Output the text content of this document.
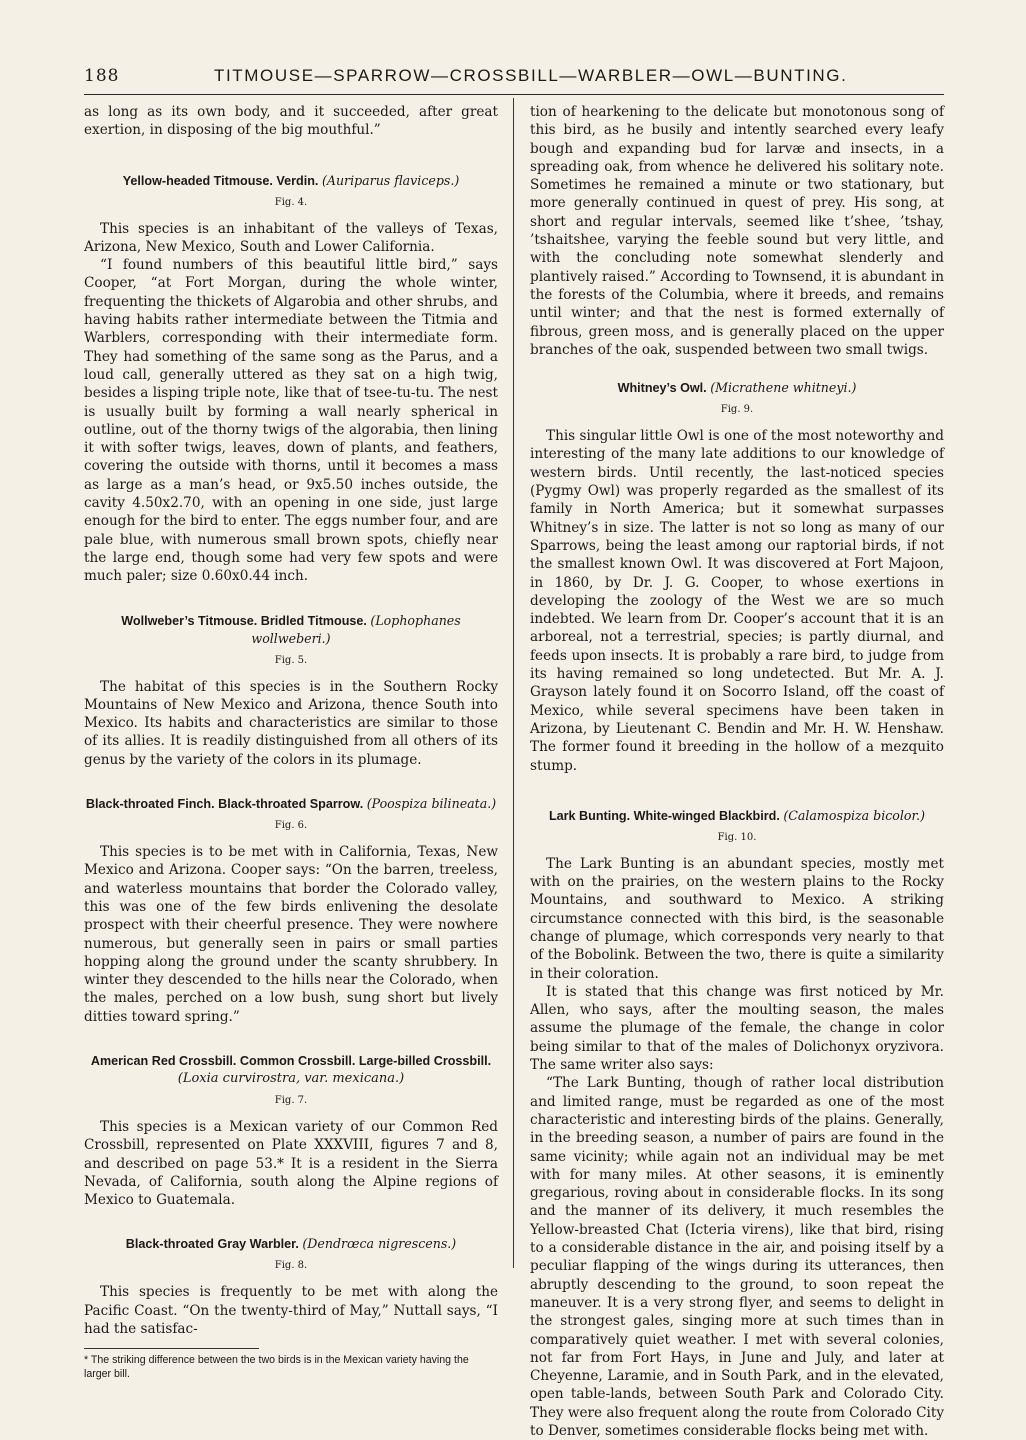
188	TITMOUSE—SPARROW—CROSSBILL—WARBLER—OWL—BUNTING.

as long as its own body, and it succeeded, after great exertion, in disposing of the big mouthful.”

Yellow-headed Titmouse. Verdin. (Auriparus flaviceps.)
Fig. 4.

This species is an inhabitant of the valleys of Texas, Arizona, New Mexico, South and Lower California.

“I found numbers of this beautiful little bird,” says Cooper, “at Fort Morgan, during the whole winter, frequenting the thickets of Algarobia and other shrubs, and having habits rather intermediate between the Titmia and Warblers, corresponding with their intermediate form. They had something of the same song as the Parus, and a loud call, generally uttered as they sat on a high twig, besides a lisping triple note, like that of tsee-tu-tu. The nest is usually built by forming a wall nearly spherical in outline, out of the thorny twigs of the algorabia, then lining it with softer twigs, leaves, down of plants, and feathers, covering the outside with thorns, until it becomes a mass as large as a man’s head, or 9x5.50 inches outside, the cavity 4.50x2.70, with an opening in one side, just large enough for the bird to enter. The eggs number four, and are pale blue, with numerous small brown spots, chiefly near the large end, though some had very few spots and were much paler; size 0.60x0.44 inch.

Wollweber’s Titmouse. Bridled Titmouse. (Lophophanes wollweberi.)
Fig. 5.

The habitat of this species is in the Southern Rocky Mountains of New Mexico and Arizona, thence South into Mexico. Its habits and characteristics are similar to those of its allies. It is readily distinguished from all others of its genus by the variety of the colors in its plumage.

Black-throated Finch. Black-throated Sparrow. (Poospiza bilineata.)
Fig. 6.

This species is to be met with in California, Texas, New Mexico and Arizona. Cooper says: “On the barren, treeless, and waterless mountains that border the Colorado valley, this was one of the few birds enlivening the desolate prospect with their cheerful presence. They were nowhere numerous, but generally seen in pairs or small parties hopping along the ground under the scanty shrubbery. In winter they descended to the hills near the Colorado, when the males, perched on a low bush, sung short but lively ditties toward spring.”

American Red Crossbill. Common Crossbill. Large-billed Crossbill.
(Loxia curvirostra, var. mexicana.)
Fig. 7.

This species is a Mexican variety of our Common Red Crossbill, represented on Plate XXXVIII, figures 7 and 8, and described on page 53.* It is a resident in the Sierra Nevada, of California, south along the Alpine regions of Mexico to Guatemala.

Black-throated Gray Warbler. (Dendrœca nigrescens.)
Fig. 8.

This species is frequently to be met with along the Pacific Coast. “On the twenty-third of May,” Nuttall says, “I had the satisfac-

* The striking difference between the two birds is in the Mexican variety having the larger bill.

tion of hearkening to the delicate but monotonous song of this bird, as he busily and intently searched every leafy bough and expanding bud for larvæ and insects, in a spreading oak, from whence he delivered his solitary note. Sometimes he remained a minute or two stationary, but more generally continued in quest of prey. His song, at short and regular intervals, seemed like t’shee, ’tshay, ’tshaitshee, varying the feeble sound but very little, and with the concluding note somewhat slenderly and plantively raised.” According to Townsend, it is abundant in the forests of the Columbia, where it breeds, and remains until winter; and that the nest is formed externally of fibrous, green moss, and is generally placed on the upper branches of the oak, suspended between two small twigs.

Whitney’s Owl. (Micrathene whitneyi.)
Fig. 9.

This singular little Owl is one of the most noteworthy and interesting of the many late additions to our knowledge of western birds. Until recently, the last-noticed species (Pygmy Owl) was properly regarded as the smallest of its family in North America; but it somewhat surpasses Whitney’s in size. The latter is not so long as many of our Sparrows, being the least among our raptorial birds, if not the smallest known Owl. It was discovered at Fort Majoon, in 1860, by Dr. J. G. Cooper, to whose exertions in developing the zoology of the West we are so much indebted. We learn from Dr. Cooper’s account that it is an arboreal, not a terrestrial, species; is partly diurnal, and feeds upon insects. It is probably a rare bird, to judge from its having remained so long undetected. But Mr. A. J. Grayson lately found it on Socorro Island, off the coast of Mexico, while several specimens have been taken in Arizona, by Lieutenant C. Bendin and Mr. H. W. Henshaw. The former found it breeding in the hollow of a mezquito stump.

Lark Bunting. White-winged Blackbird. (Calamospiza bicolor.)
Fig. 10.

The Lark Bunting is an abundant species, mostly met with on the prairies, on the western plains to the Rocky Mountains, and southward to Mexico. A striking circumstance connected with this bird, is the seasonable change of plumage, which corresponds very nearly to that of the Bobolink. Between the two, there is quite a similarity in their coloration.

It is stated that this change was first noticed by Mr. Allen, who says, after the moulting season, the males assume the plumage of the female, the change in color being similar to that of the males of Dolichonyx oryzivora. The same writer also says:

“The Lark Bunting, though of rather local distribution and limited range, must be regarded as one of the most characteristic and interesting birds of the plains. Generally, in the breeding season, a number of pairs are found in the same vicinity; while again not an individual may be met with for many miles. At other seasons, it is eminently gregarious, roving about in considerable flocks. In its song and the manner of its delivery, it much resembles the Yellow-breasted Chat (Icteria virens), like that bird, rising to a considerable distance in the air, and poising itself by a peculiar flapping of the wings during its utterances, then abruptly descending to the ground, to soon repeat the maneuver. It is a very strong flyer, and seems to delight in the strongest gales, singing more at such times than in comparatively quiet weather. I met with several colonies, not far from Fort Hays, in June and July, and later at Cheyenne, Laramie, and in South Park, and in the elevated, open table-lands, between South Park and Colorado City. They were also frequent along the route from Colorado City to Denver, sometimes considerable flocks being met with.
